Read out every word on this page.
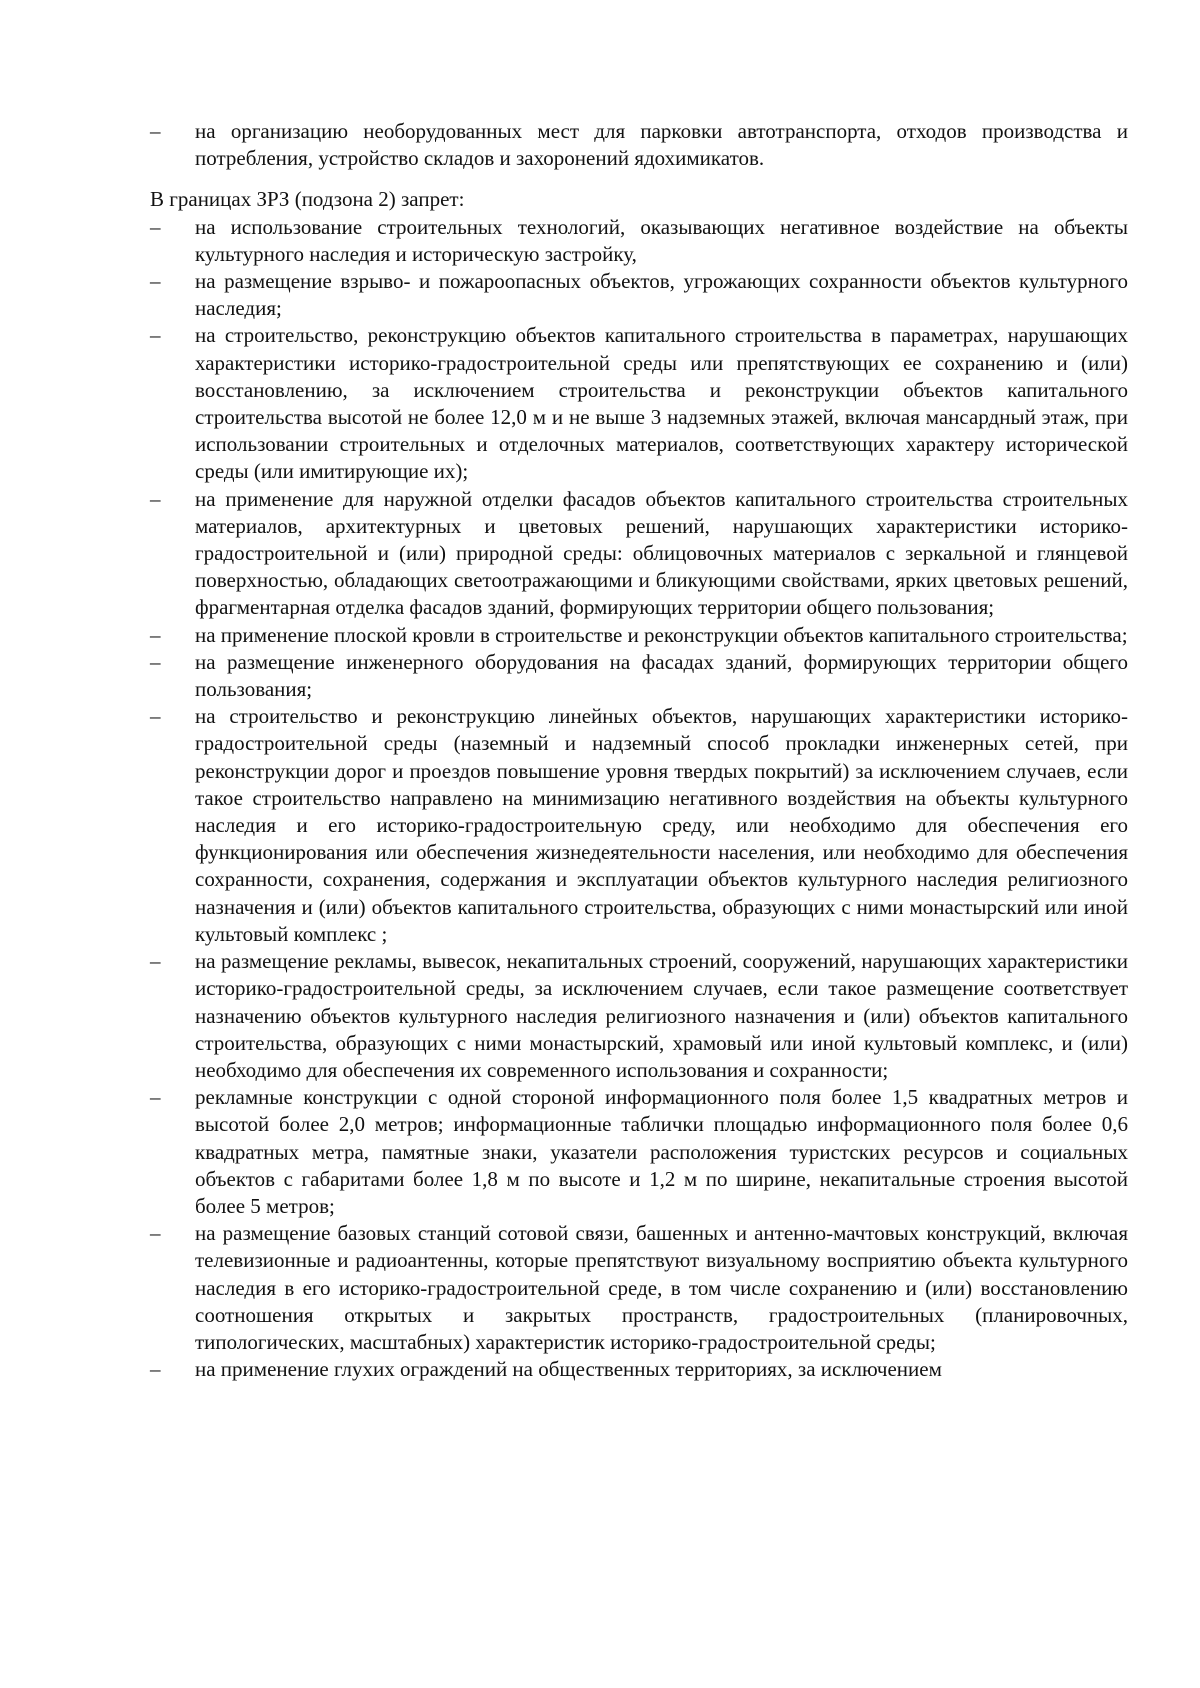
–	на организацию необорудованных мест для парковки автотранспорта, отходов производства и потребления, устройство складов и захоронений ядохимикатов.

В границах ЗРЗ (подзона 2) запрет:

–	на использование строительных технологий, оказывающих негативное воздействие на объекты культурного наследия и историческую застройку,
–	на размещение взрыво- и пожароопасных объектов, угрожающих сохранности объектов культурного наследия;
–	на строительство, реконструкцию объектов капитального строительства в параметрах, нарушающих характеристики историко-градостроительной среды или препятствующих ее сохранению и (или) восстановлению, за исключением строительства и реконструкции объектов капитального строительства высотой не более 12,0 м и не выше 3 надземных этажей, включая мансардный этаж, при использовании строительных и отделочных материалов, соответствующих характеру исторической среды (или имитирующие их);
–	на применение для наружной отделки фасадов объектов капитального строительства строительных материалов, архитектурных и цветовых решений, нарушающих характеристики историко-градостроительной и (или) природной среды: облицовочных материалов с зеркальной и глянцевой поверхностью, обладающих светоотражающими и бликующими свойствами, ярких цветовых решений, фрагментарная отделка фасадов зданий, формирующих территории общего пользования;
–	на применение плоской кровли в строительстве и реконструкции объектов капитального строительства;
–	на размещение инженерного оборудования на фасадах зданий, формирующих территории общего пользования;
–	на строительство и реконструкцию линейных объектов, нарушающих характеристики историко-градостроительной среды (наземный и надземный способ прокладки инженерных сетей, при реконструкции дорог и проездов повышение уровня твердых покрытий) за исключением случаев, если такое строительство направлено на минимизацию негативного воздействия на объекты культурного наследия и его историко-градостроительную среду, или необходимо для обеспечения его функционирования или обеспечения жизнедеятельности населения, или необходимо для обеспечения сохранности, сохранения, содержания и эксплуатации объектов культурного наследия религиозного назначения и (или) объектов капитального строительства, образующих с ними монастырский или иной культовый комплекс ;
–	на размещение рекламы, вывесок, некапитальных строений, сооружений, нарушающих характеристики историко-градостроительной среды, за исключением случаев, если такое размещение соответствует назначению объектов культурного наследия религиозного назначения и (или) объектов капитального строительства, образующих с ними монастырский, храмовый или иной культовый комплекс, и (или) необходимо для обеспечения их современного использования и сохранности;
–	рекламные конструкции с одной стороной информационного поля более 1,5 квадратных метров и высотой более 2,0 метров; информационные таблички площадью информационного поля более 0,6 квадратных метра, памятные знаки, указатели расположения туристских ресурсов и социальных объектов с габаритами более 1,8 м по высоте и 1,2 м по ширине, некапитальные строения высотой более 5 метров;
–	на размещение базовых станций сотовой связи, башенных и антенно-мачтовых конструкций, включая телевизионные и радиоантенны, которые препятствуют визуальному восприятию объекта культурного наследия в его историко-градостроительной среде, в том числе сохранению и (или) восстановлению соотношения открытых и закрытых пространств, градостроительных (планировочных, типологических, масштабных) характеристик историко-градостроительной среды;
–	на применение глухих ограждений на общественных территориях, за исключением
